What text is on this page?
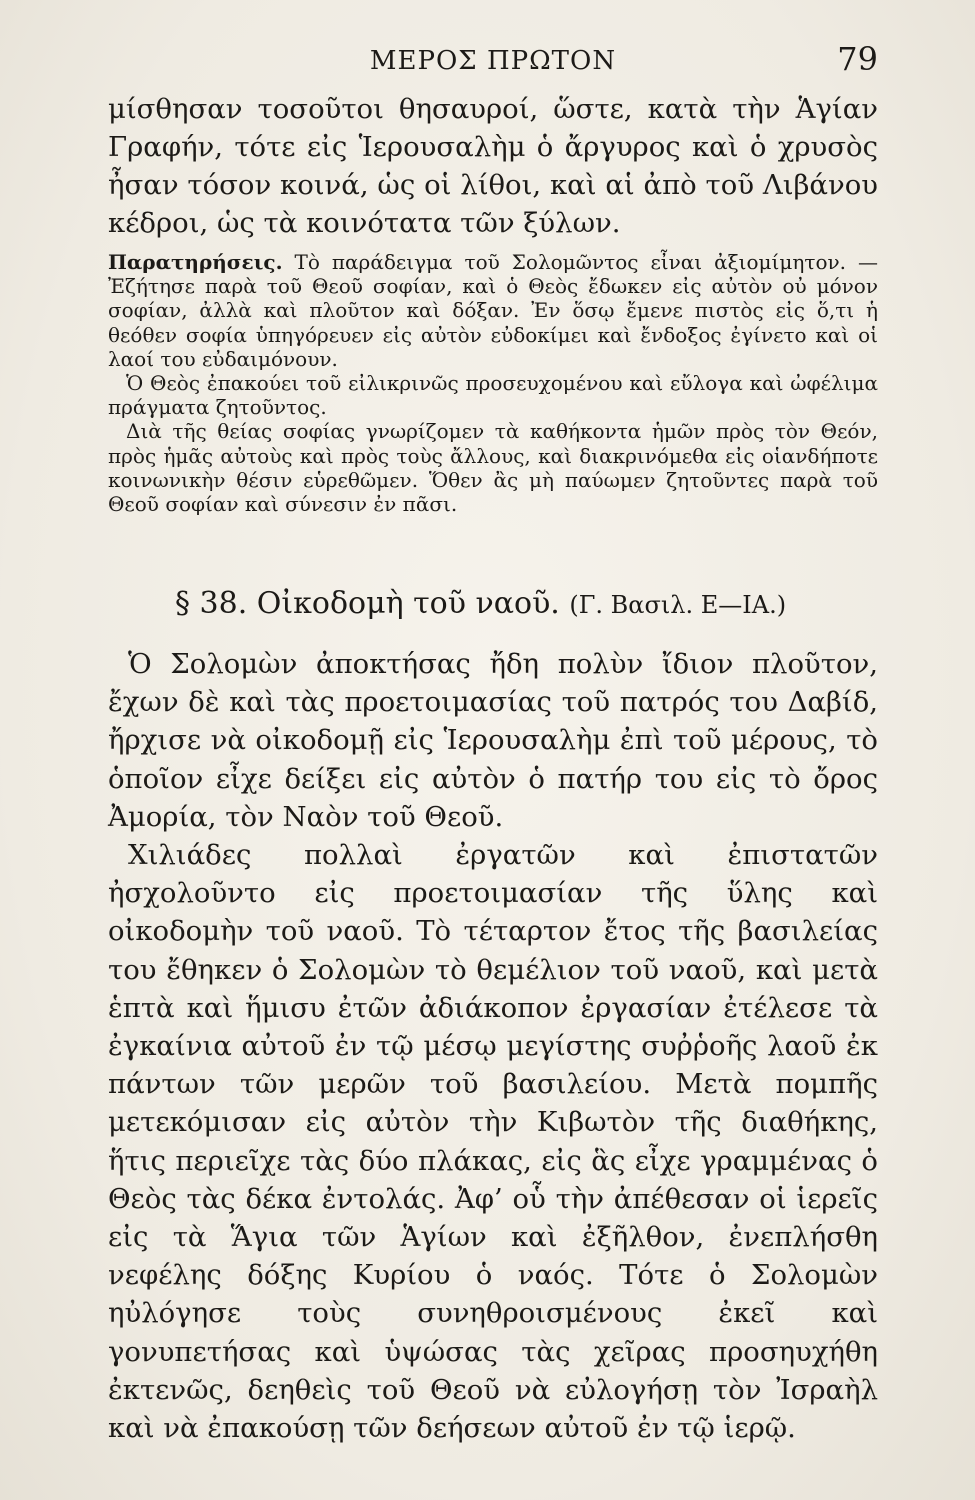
ΜΕΡΟΣ ΠΡΩΤΟΝ	79

μίσθησαν τοσοῦτοι θησαυροί, ὥστε, κατὰ τὴν Ἁγίαν Γραφήν, τότε εἰς Ἱερουσαλὴμ ὁ ἄργυρος καὶ ὁ χρυσὸς ἦσαν τόσον κοινά, ὡς οἱ λίθοι, καὶ αἱ ἀπὸ τοῦ Λιβάνου κέδροι, ὡς τὰ κοινότατα τῶν ξύλων.

Παρατηρήσεις. Τὸ παράδειγμα τοῦ Σολομῶντος εἶναι ἀξιομίμητον. — Ἐζήτησε παρὰ τοῦ Θεοῦ σοφίαν, καὶ ὁ Θεὸς ἔδωκεν εἰς αὐτὸν οὐ μόνον σοφίαν, ἀλλὰ καὶ πλοῦτον καὶ δόξαν. Ἐν ὅσῳ ἔμενε πιστὸς εἰς ὅ,τι ἡ θεόθεν σοφία ὑπηγόρευεν εἰς αὐτὸν εὐδοκίμει καὶ ἔνδοξος ἐγίνετο καὶ οἱ λαοί του εὐδαιμόνουν.

Ὁ Θεὸς ἐπακούει τοῦ εἰλικρινῶς προσευχομένου καὶ εὔλογα καὶ ὠφέλιμα πράγματα ζητοῦντος.

Διὰ τῆς θείας σοφίας γνωρίζομεν τὰ καθήκοντα ἡμῶν πρὸς τὸν Θεόν, πρὸς ἡμᾶς αὐτοὺς καὶ πρὸς τοὺς ἄλλους, καὶ διακρινόμεθα εἰς οἱανδήποτε κοινωνικὴν θέσιν εὑρεθῶμεν. Ὅθεν ἂς μὴ παύωμεν ζητοῦντες παρὰ τοῦ Θεοῦ σοφίαν καὶ σύνεσιν ἐν πᾶσι.

§ 38. Οἰκοδομὴ τοῦ ναοῦ. (Γ. Βασιλ. Ε—ΙΑ.)

Ὁ Σολομὼν ἀποκτήσας ἤδη πολὺν ἴδιον πλοῦτον, ἔχων δὲ καὶ τὰς προετοιμασίας τοῦ πατρός του Δαβίδ, ἤρχισε νὰ οἰκοδομῇ εἰς Ἱερουσαλὴμ ἐπὶ τοῦ μέρους, τὸ ὁποῖον εἶχε δείξει εἰς αὐτὸν ὁ πατήρ του εἰς τὸ ὄρος Ἀμορία, τὸν Ναὸν τοῦ Θεοῦ.

Χιλιάδες πολλαὶ ἐργατῶν καὶ ἐπιστατῶν ἠσχολοῦντο εἰς προετοιμασίαν τῆς ὕλης καὶ οἰκοδομὴν τοῦ ναοῦ. Τὸ τέταρτον ἔτος τῆς βασιλείας του ἔθηκεν ὁ Σολομὼν τὸ θεμέλιον τοῦ ναοῦ, καὶ μετὰ ἑπτὰ καὶ ἥμισυ ἐτῶν ἀδιάκοπον ἐργασίαν ἐτέλεσε τὰ ἐγκαίνια αὐτοῦ ἐν τῷ μέσῳ μεγίστης συῤῥοῆς λαοῦ ἐκ πάντων τῶν μερῶν τοῦ βασιλείου. Μετὰ πομπῆς μετεκόμισαν εἰς αὐτὸν τὴν Κιβωτὸν τῆς διαθήκης, ἥτις περιεῖχε τὰς δύο πλάκας, εἰς ἃς εἶχε γραμμένας ὁ Θεὸς τὰς δέκα ἐντολάς. Ἀφ’ οὗ τὴν ἀπέθεσαν οἱ ἱερεῖς εἰς τὰ Ἅγια τῶν Ἁγίων καὶ ἐξῆλθον, ἐνεπλήσθη νεφέλης δόξης Κυρίου ὁ ναός. Τότε ὁ Σολομὼν ηὐλόγησε τοὺς συνηθροισμένους ἐκεῖ καὶ γονυπετήσας καὶ ὑψώσας τὰς χεῖρας προσηυχήθη ἐκτενῶς, δεηθεὶς τοῦ Θεοῦ νὰ εὐλογήσῃ τὸν Ἰσραὴλ καὶ νὰ ἐπακούσῃ τῶν δεήσεων αὐτοῦ ἐν τῷ ἱερῷ.
